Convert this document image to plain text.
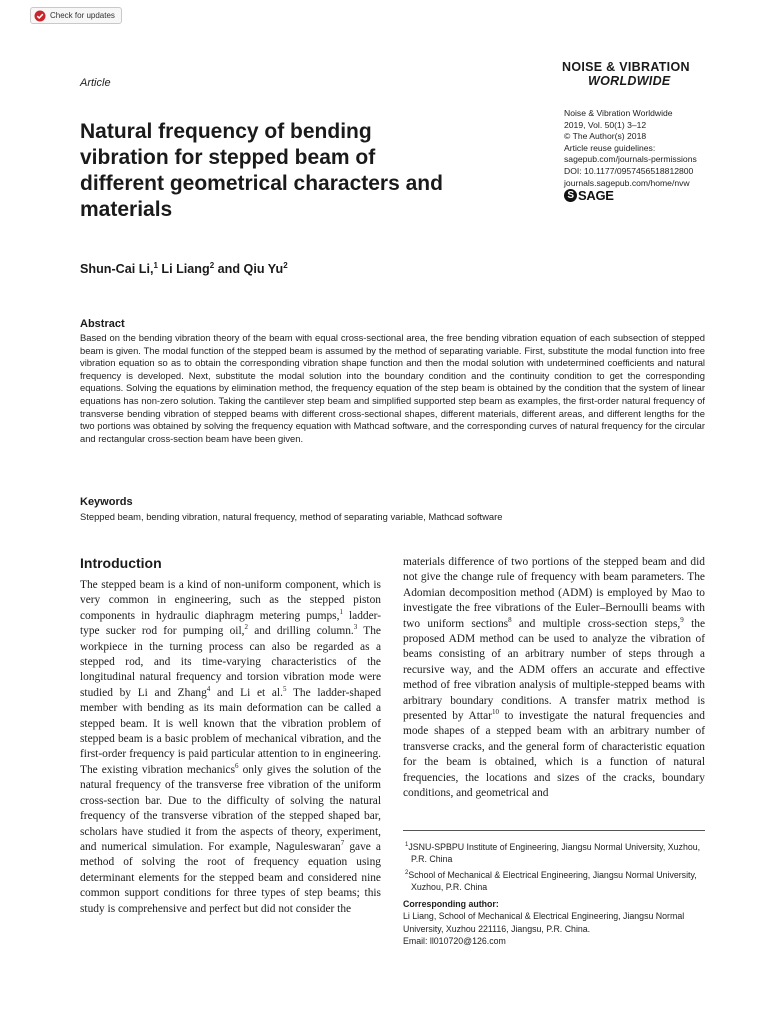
Check for updates
Article
NOISE & VIBRATION
WORLDWIDE
Noise & Vibration Worldwide
2019, Vol. 50(1) 3–12
© The Author(s) 2018
Article reuse guidelines:
sagepub.com/journals-permissions
DOI: 10.1177/0957456518812800
journals.sagepub.com/home/nvw
S SAGE
Natural frequency of bending vibration for stepped beam of different geometrical characters and materials
Shun-Cai Li,$^1$ Li Liang$^2$ and Qiu Yu$^2$
Abstract

Based on the bending vibration theory of the beam with equal cross-sectional area, the free bending vibration equation of each subsection of stepped beam is given. The modal function of the stepped beam is assumed by the method of separating variable. First, substitute the modal function into free vibration equation so as to obtain the corresponding vibration shape function and then the modal solution with undetermined coefficients and natural frequency is developed. Next, substitute the modal solution into the boundary condition and the continuity condition to get the corresponding equations. Solving the equations by elimination method, the frequency equation of the step beam is obtained by the condition that the system of linear equations has non-zero solution. Taking the cantilever step beam and simplified supported step beam as examples, the first-order natural frequency of transverse bending vibration of stepped beams with different cross-sectional shapes, different materials, different areas, and different lengths for the two portions was obtained by solving the frequency equation with Mathcad software, and the corresponding curves of natural frequency for the circular and rectangular cross-section beam have been given.

Keywords

Stepped beam, bending vibration, natural frequency, method of separating variable, Mathcad software

Introduction

The stepped beam is a kind of non-uniform component, which is very common in engineering, such as the stepped piston components in hydraulic diaphragm metering pumps,$^1$ ladder-type sucker rod for pumping oil,$^2$ and drilling column.$^3$ The workpiece in the turning process can also be regarded as a stepped rod, and its time-varying characteristics of the longitudinal natural frequency and torsion vibration mode were studied by Li and Zhang$^4$ and Li et al.$^5$ The ladder-shaped member with bending as its main deformation can be called a stepped beam. It is well known that the vibration problem of stepped beam is a basic problem of mechanical vibration, and the first-order frequency is paid particular attention to in engineering. The existing vibration mechanics$^6$ only gives the solution of the natural frequency of the transverse free vibration of the uniform cross-section bar. Due to the difficulty of solving the natural frequency of the transverse vibration of the stepped shaped bar, scholars have studied it from the aspects of theory, experiment, and numerical simulation. For example, Naguleswaran$^7$ gave a method of solving the root of frequency equation using determinant elements for the stepped beam and considered nine common support conditions for three types of step beams; this study is comprehensive and perfect but did not consider the

materials difference of two portions of the stepped beam and did not give the change rule of frequency with beam parameters. The Adomian decomposition method (ADM) is employed by Mao to investigate the free vibrations of the Euler–Bernoulli beams with two uniform sections$^8$ and multiple cross-section steps,$^9$ the proposed ADM method can be used to analyze the vibration of beams consisting of an arbitrary number of steps through a recursive way, and the ADM offers an accurate and effective method of free vibration analysis of multiple-stepped beams with arbitrary boundary conditions. A transfer matrix method is presented by Attar$^{10}$ to investigate the natural frequencies and mode shapes of a stepped beam with an arbitrary number of transverse cracks, and the general form of characteristic equation for the beam is obtained, which is a function of natural frequencies, the locations and sizes of the cracks, boundary conditions, and geometrical and

$^1$JSNU-SPBPU Institute of Engineering, Jiangsu Normal University, Xuzhou, P.R. China
$^2$School of Mechanical & Electrical Engineering, Jiangsu Normal University, Xuzhou, P.R. China
Corresponding author:
Li Liang, School of Mechanical & Electrical Engineering, Jiangsu Normal University, Xuzhou 221116, Jiangsu, P.R. China.
Email: ll010720@126.com
